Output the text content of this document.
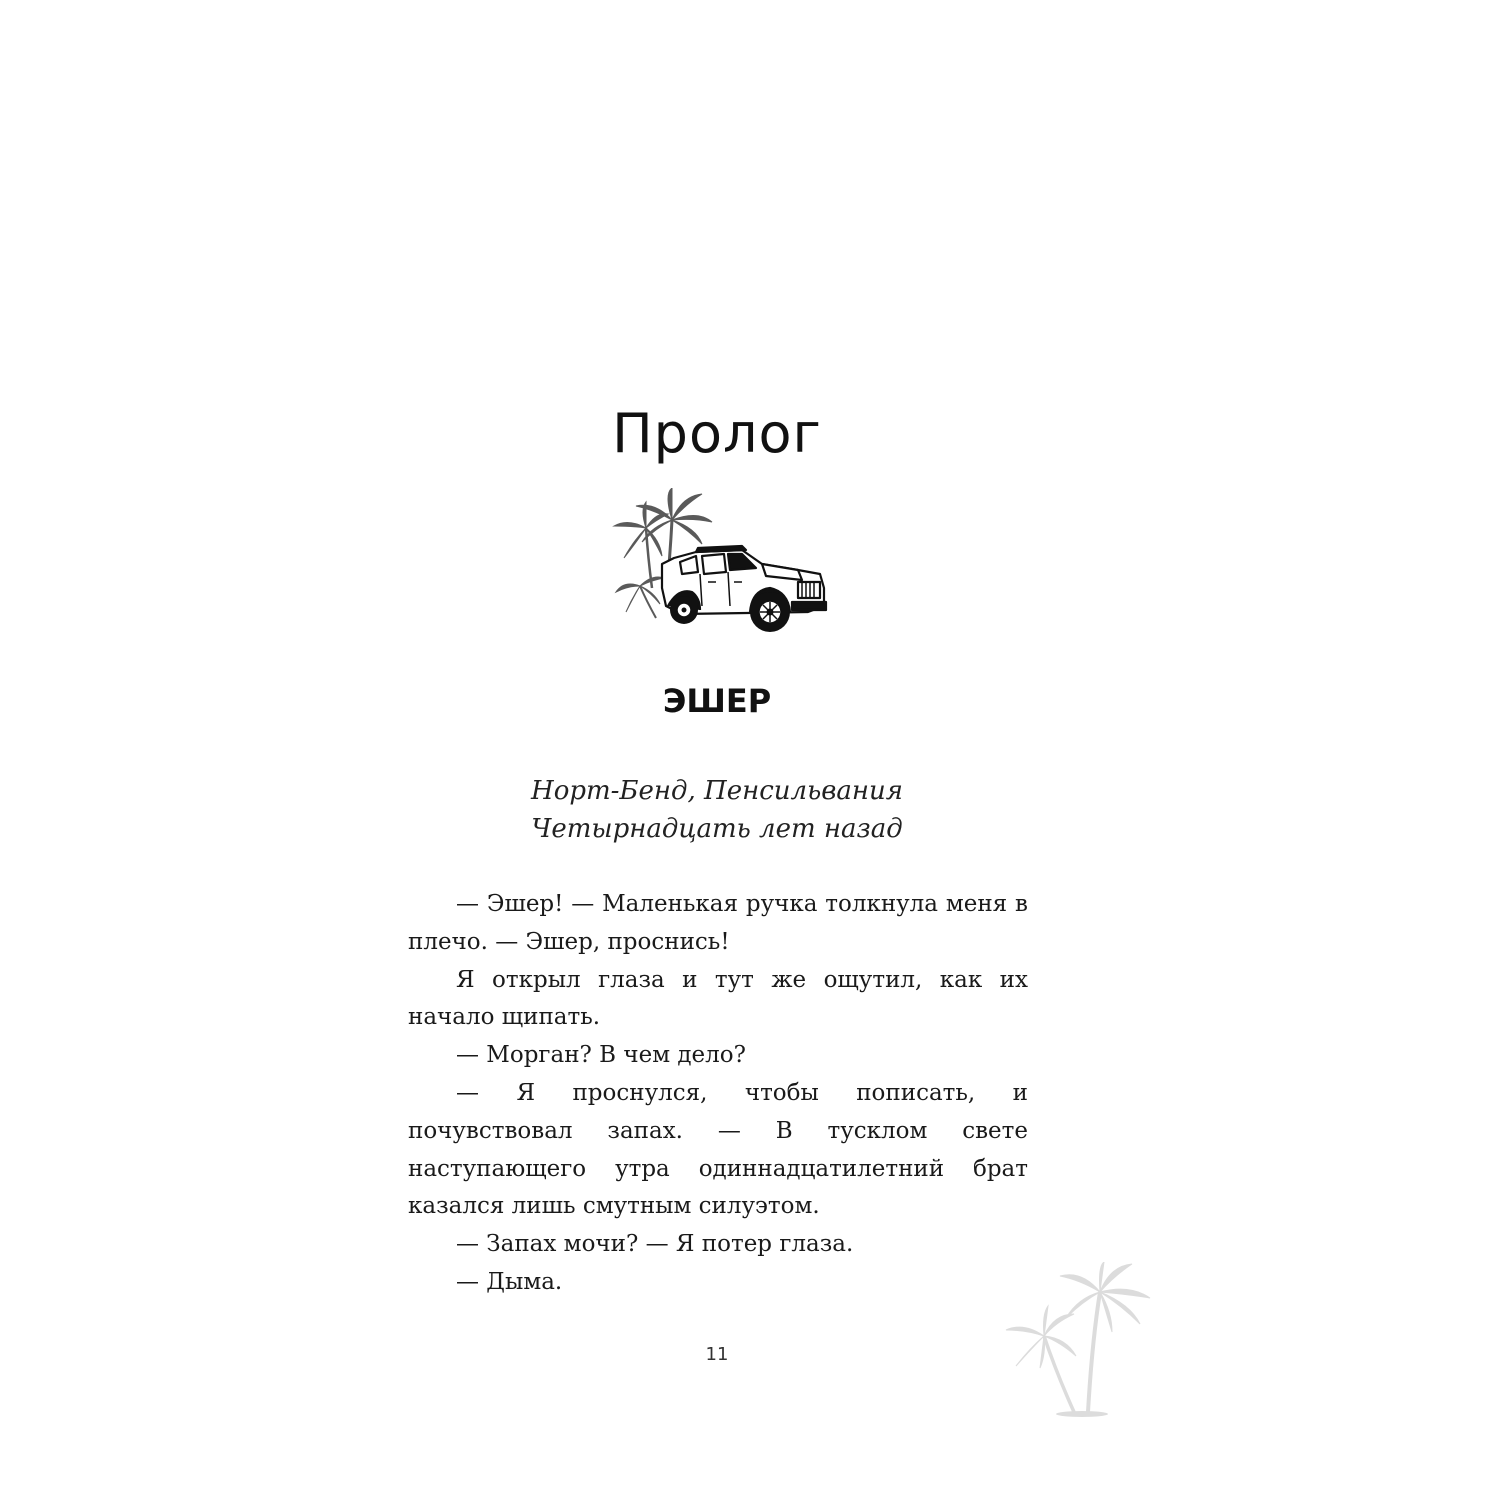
Пролог
ЭШЕР
Норт-Бенд, Пенсильвания
Четырнадцать лет назад

— Эшер! — Маленькая ручка толкнула меня в плечо. — Эшер, проснись!

Я открыл глаза и тут же ощутил, как их начало щипать.

— Морган? В чем дело?

— Я проснулся, чтобы пописать, и почувствовал запах. — В тусклом свете наступающего утра одиннадцатилетний брат казался лишь смутным силуэтом.

— Запах мочи? — Я потер глаза.

— Дыма.

11
